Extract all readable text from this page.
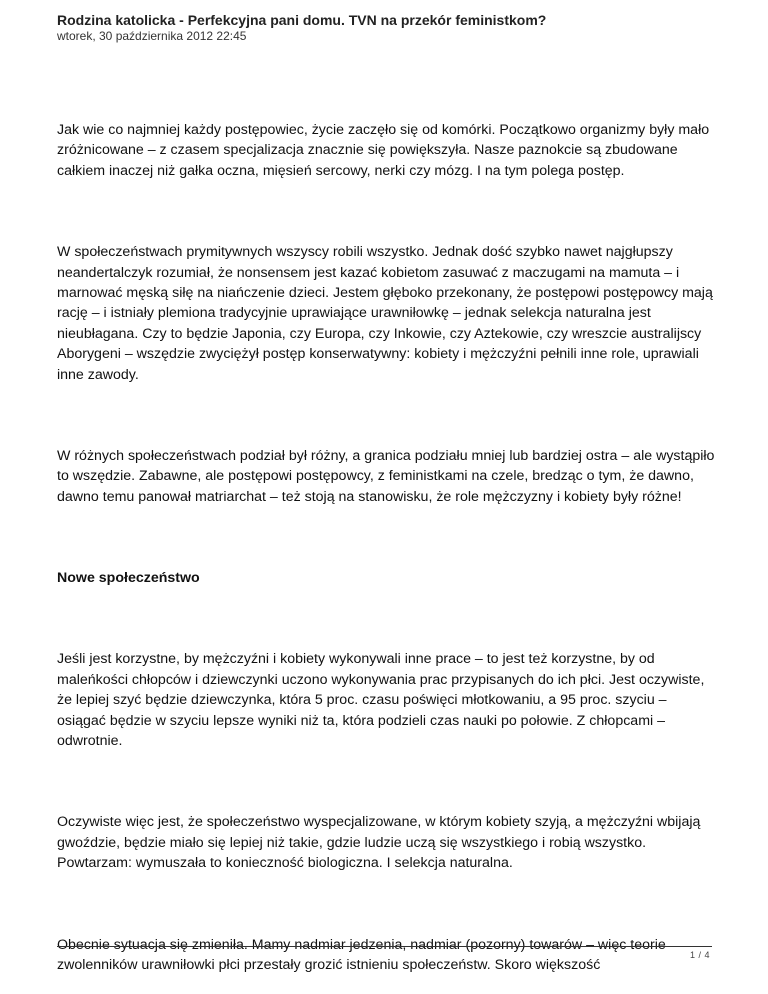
Rodzina katolicka - Perfekcyjna pani domu. TVN na przekór feministkom?

wtorek, 30 października 2012 22:45

Jak wie co najmniej każdy postępowiec, życie zaczęło się od komórki. Początkowo organizmy były mało zróżnicowane – z czasem specjalizacja znacznie się powiększyła. Nasze paznokcie są zbudowane całkiem inaczej niż gałka oczna, mięsień sercowy, nerki czy mózg. I na tym polega postęp.

W społeczeństwach prymitywnych wszyscy robili wszystko. Jednak dość szybko nawet najgłupszy neandertalczyk rozumiał, że nonsensem jest kazać kobietom zasuwać z maczugami na mamuta – i marnować męską siłę na niańczenie dzieci. Jestem głęboko przekonany, że postępowi postępowcy mają rację – i istniały plemiona tradycyjnie uprawiające urawniłowkę – jednak selekcja naturalna jest nieubłagana. Czy to będzie Japonia, czy Europa, czy Inkowie, czy Aztekowie, czy wreszcie australijscy Aborygeni – wszędzie zwyciężył postęp konserwatywny: kobiety i mężczyźni pełnili inne role, uprawiali inne zawody.

W różnych społeczeństwach podział był różny, a granica podziału mniej lub bardziej ostra – ale wystąpiło to wszędzie. Zabawne, ale postępowi postępowcy, z feministkami na czele, bredząc o tym, że dawno, dawno temu panował matriarchat – też stoją na stanowisku, że role mężczyzny i kobiety były różne!

Nowe społeczeństwo

Jeśli jest korzystne, by mężczyźni i kobiety wykonywali inne prace – to jest też korzystne, by od maleńkości chłopców i dziewczynki uczono wykonywania prac przypisanych do ich płci. Jest oczywiste, że lepiej szyć będzie dziewczynka, która 5 proc. czasu poświęci młotkowaniu, a 95 proc. szyciu – osiągać będzie w szyciu lepsze wyniki niż ta, która podzieli czas nauki po połowie. Z chłopcami – odwrotnie.

Oczywiste więc jest, że społeczeństwo wyspecjalizowane, w którym kobiety szyją, a mężczyźni wbijają gwoździe, będzie miało się lepiej niż takie, gdzie ludzie uczą się wszystkiego i robią wszystko. Powtarzam: wymuszała to konieczność biologiczna. I selekcja naturalna.

Obecnie sytuacja się zmieniła. Mamy nadmiar jedzenia, nadmiar (pozorny) towarów – więc teorie zwolenników urawniłowki płci przestały grozić istnieniu społeczeństw. Skoro większość

1 / 4
